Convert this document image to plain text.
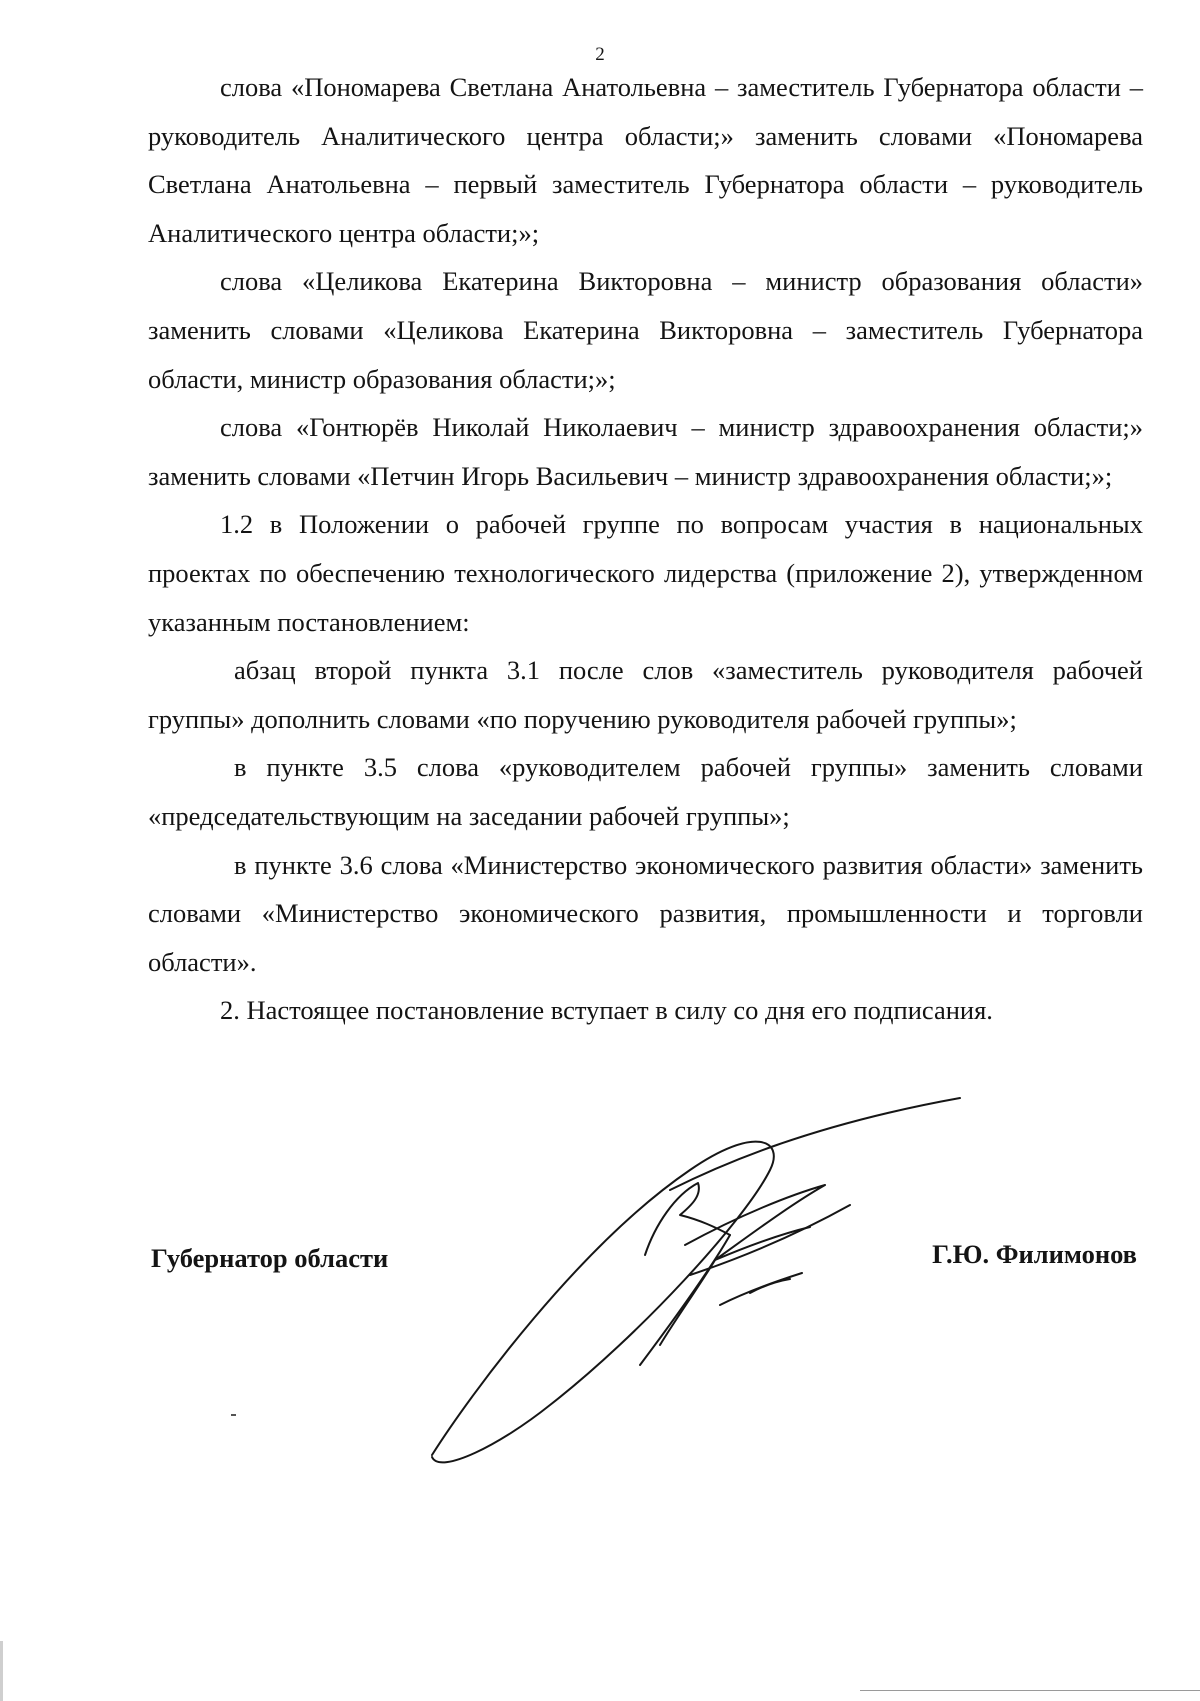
2

слова «Пономарева Светлана Анатольевна – заместитель Губернатора области – руководитель Аналитического центра области;» заменить словами «Пономарева Светлана Анатольевна – первый заместитель Губернатора области – руководитель Аналитического центра области;»;

слова «Целикова Екатерина Викторовна – министр образования области» заменить словами «Целикова Екатерина Викторовна – заместитель Губернатора области, министр образования области;»;

слова «Гонтюрёв Николай Николаевич – министр здравоохранения области;» заменить словами «Петчин Игорь Васильевич – министр здравоохранения области;»;

1.2 в Положении о рабочей группе по вопросам участия в национальных проектах по обеспечению технологического лидерства (приложение 2), утвержденном указанным постановлением:

абзац второй пункта 3.1 после слов «заместитель руководителя рабочей группы» дополнить словами «по поручению руководителя рабочей группы»;

в пункте 3.5 слова «руководителем рабочей группы» заменить словами «председательствующим на заседании рабочей группы»;

в пункте 3.6 слова «Министерство экономического развития области» заменить словами «Министерство экономического развития, промышленности и торговли области».

2. Настоящее постановление вступает в силу со дня его подписания.

Губернатор области	Г.Ю. Филимонов
